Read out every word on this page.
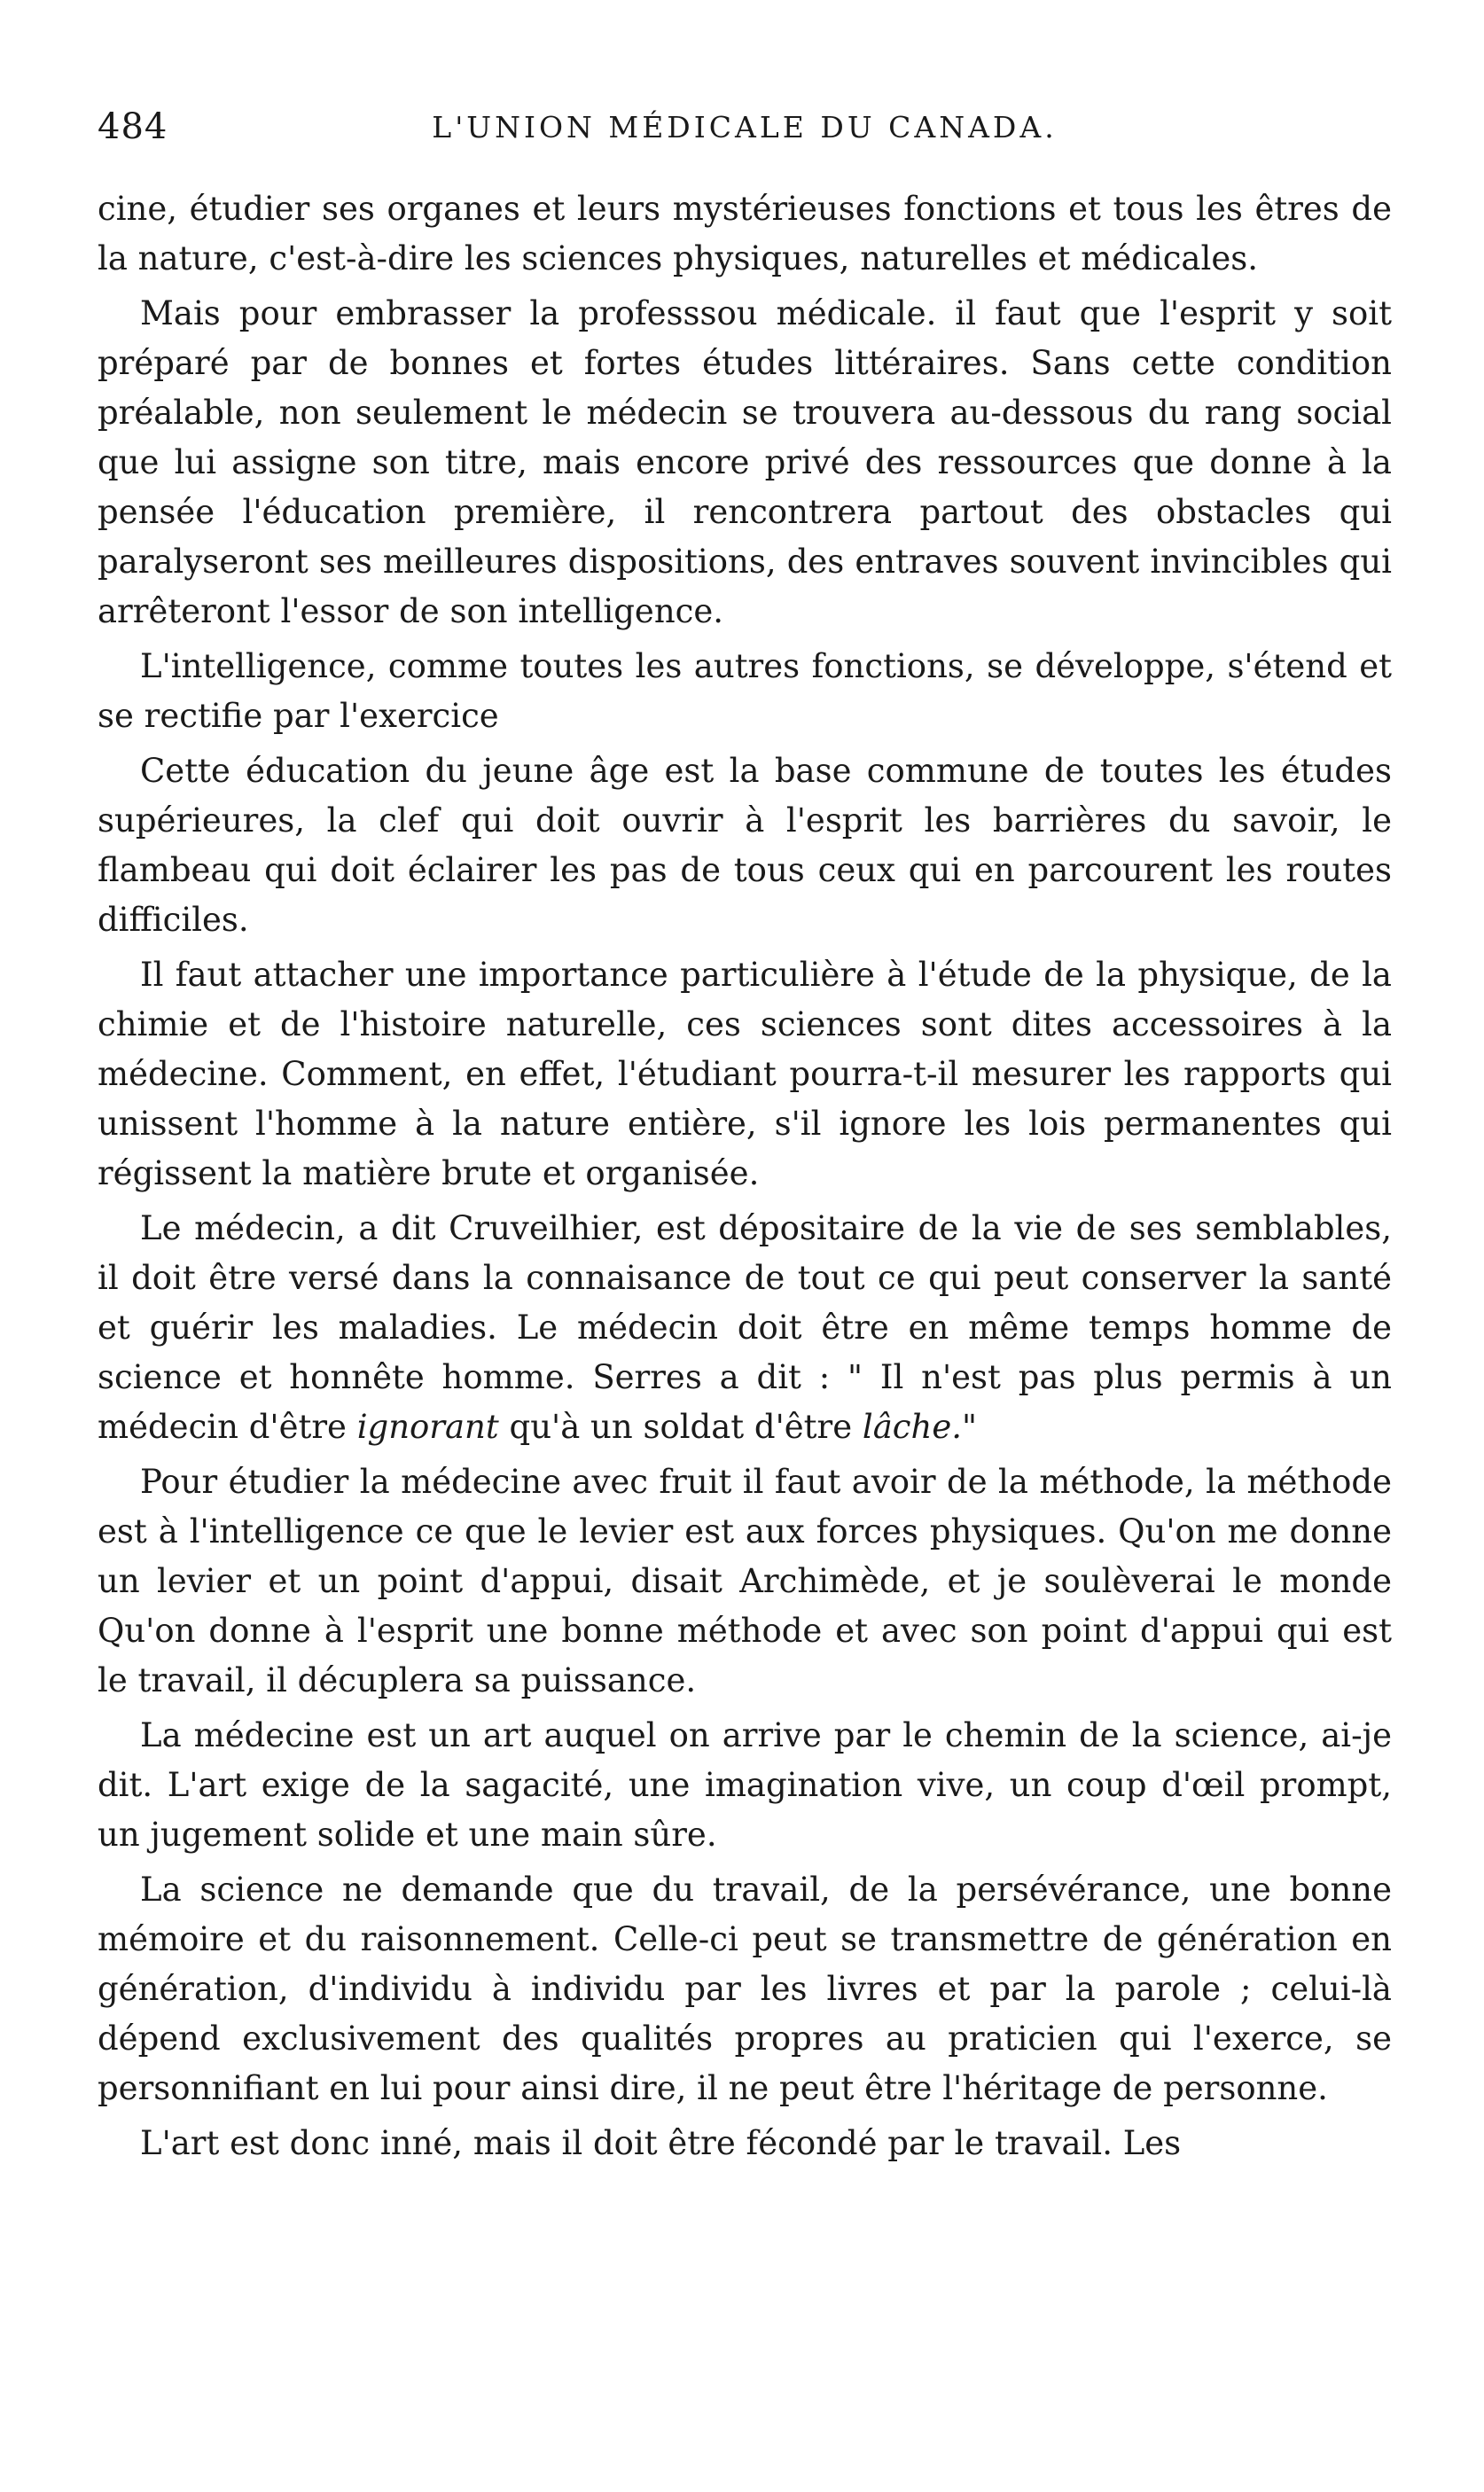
484	L'UNION MÉDICALE DU CANADA.

cine, étudier ses organes et leurs mystérieuses fonctions et tous les êtres de la nature, c'est-à-dire les sciences physiques, naturelles et médicales.

Mais pour embrasser la professsou médicale. il faut que l'esprit y soit préparé par de bonnes et fortes études littéraires. Sans cette condition préalable, non seulement le médecin se trouvera au-dessous du rang social que lui assigne son titre, mais encore privé des ressources que donne à la pensée l'éducation première, il rencontrera partout des obstacles qui paralyseront ses meilleures dispositions, des entraves souvent invincibles qui arrêteront l'essor de son intelligence.

L'intelligence, comme toutes les autres fonctions, se développe, s'étend et se rectifie par l'exercice

Cette éducation du jeune âge est la base commune de toutes les études supérieures, la clef qui doit ouvrir à l'esprit les barrières du savoir, le flambeau qui doit éclairer les pas de tous ceux qui en parcourent les routes difficiles.

Il faut attacher une importance particulière à l'étude de la physique, de la chimie et de l'histoire naturelle, ces sciences sont dites accessoires à la médecine. Comment, en effet, l'étudiant pourra-t-il mesurer les rapports qui unissent l'homme à la nature entière, s'il ignore les lois permanentes qui régissent la matière brute et organisée.

Le médecin, a dit Cruveilhier, est dépositaire de la vie de ses semblables, il doit être versé dans la connaisance de tout ce qui peut conserver la santé et guérir les maladies. Le médecin doit être en même temps homme de science et honnête homme. Serres a dit : " Il n'est pas plus permis à un médecin d'être ignorant qu'à un soldat d'être lâche."

Pour étudier la médecine avec fruit il faut avoir de la méthode, la méthode est à l'intelligence ce que le levier est aux forces physiques. Qu'on me donne un levier et un point d'appui, disait Archimède, et je soulèverai le monde Qu'on donne à l'esprit une bonne méthode et avec son point d'appui qui est le travail, il décuplera sa puissance.

La médecine est un art auquel on arrive par le chemin de la science, ai-je dit. L'art exige de la sagacité, une imagination vive, un coup d'œil prompt, un jugement solide et une main sûre.

La science ne demande que du travail, de la persévérance, une bonne mémoire et du raisonnement. Celle-ci peut se transmettre de génération en génération, d'individu à individu par les livres et par la parole ; celui-là dépend exclusivement des qualités propres au praticien qui l'exerce, se personnifiant en lui pour ainsi dire, il ne peut être l'héritage de personne.

L'art est donc inné, mais il doit être fécondé par le travail. Les
